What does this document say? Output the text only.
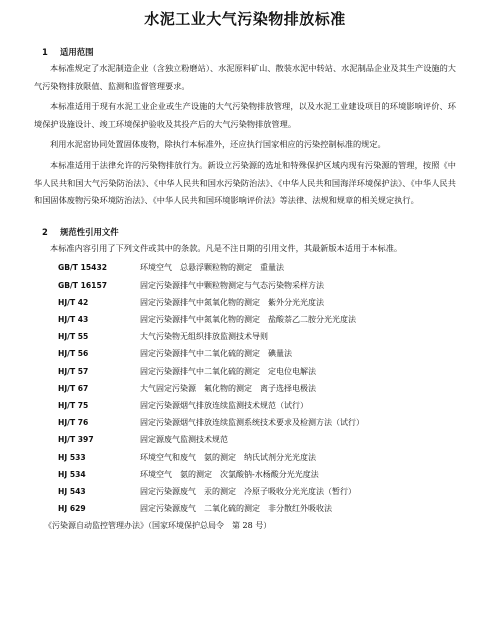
水泥工业大气污染物排放标准
1 适用范围

本标准规定了水泥制造企业（含独立粉磨站）、水泥原料矿山、散装水泥中转站、水泥制品企业及其生产设施的大气污染物排放限值、监测和监督管理要求。

本标准适用于现有水泥工业企业或生产设施的大气污染物排放管理，以及水泥工业建设项目的环境影响评价、环境保护设施设计、竣工环境保护验收及其投产后的大气污染物排放管理。

利用水泥窑协同处置固体废物，除执行本标准外，还应执行国家相应的污染控制标准的规定。

本标准适用于法律允许的污染物排放行为。新设立污染源的选址和特殊保护区域内现有污染源的管理，按照《中华人民共和国大气污染防治法》、《中华人民共和国水污染防治法》、《中华人民共和国海洋环境保护法》、《中华人民共和国固体废物污染环境防治法》、《中华人民共和国环境影响评价法》等法律、法规和规章的相关规定执行。

2 规范性引用文件

本标准内容引用了下列文件或其中的条款。凡是不注日期的引用文件，其最新版本适用于本标准。

GB/T 15432	环境空气　总悬浮颗粒物的测定　重量法
GB/T 16157	固定污染源排气中颗粒物测定与气态污染物采样方法
HJ/T 42	固定污染源排气中氮氧化物的测定　紫外分光光度法
HJ/T 43	固定污染源排气中氮氧化物的测定　盐酸萘乙二胺分光光度法
HJ/T 55	大气污染物无组织排放监测技术导则
HJ/T 56	固定污染源排气中二氧化硫的测定　碘量法
HJ/T 57	固定污染源排气中二氧化硫的测定　定电位电解法
HJ/T 67	大气固定污染源　氟化物的测定　离子选择电极法
HJ/T 75	固定污染源烟气排放连续监测技术规范（试行）
HJ/T 76	固定污染源烟气排放连续监测系统技术要求及检测方法（试行）
HJ/T 397	固定源废气监测技术规范
HJ 533	环境空气和废气　氨的测定　纳氏试剂分光光度法
HJ 534	环境空气　氨的测定　次氯酸钠-水杨酸分光光度法
HJ 543	固定污染源废气　汞的测定　冷原子吸收分光光度法（暂行）
HJ 629	固定污染源废气　二氧化硫的测定　非分散红外吸收法
《污染源自动监控管理办法》（国家环境保护总局令　第 28 号）
